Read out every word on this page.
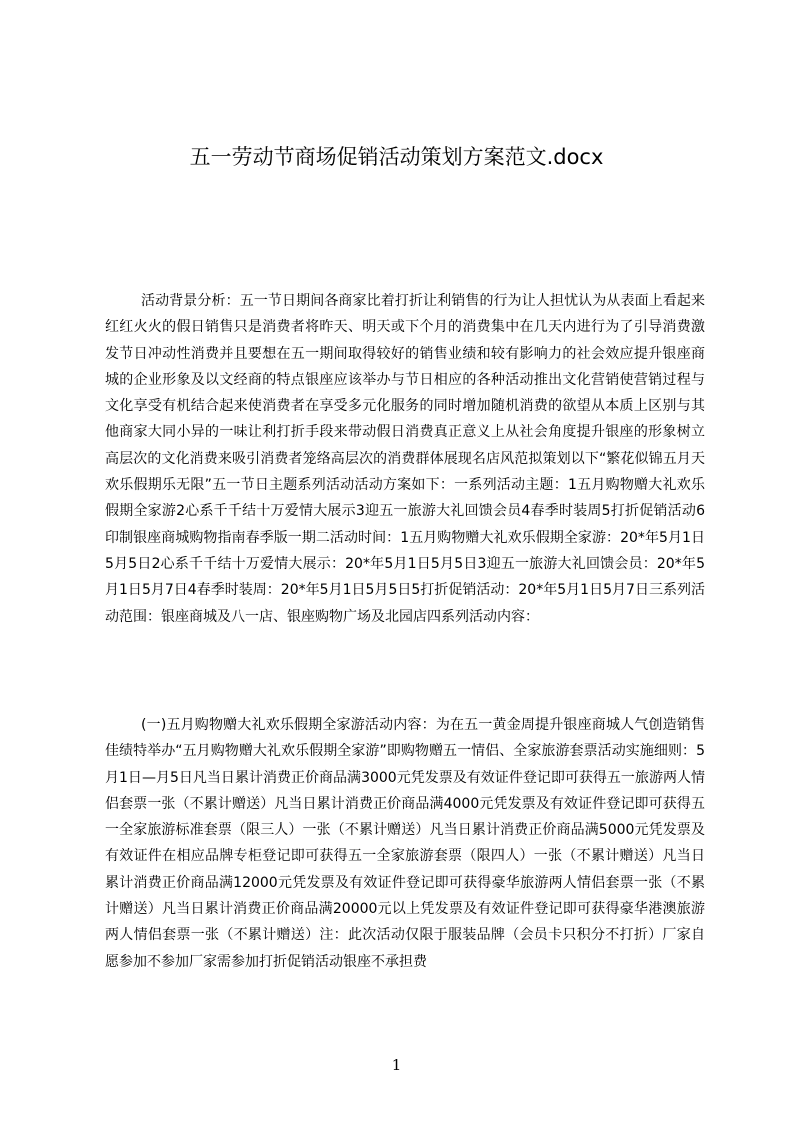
五一劳动节商场促销活动策划方案范文.docx

活动背景分析：五一节日期间各商家比着打折让利销售的行为让人担忧认为从表面上看起来红红火火的假日销售只是消费者将昨天、明天或下个月的消费集中在几天内进行为了引导消费激发节日冲动性消费并且要想在五一期间取得较好的销售业绩和较有影响力的社会效应提升银座商城的企业形象及以文经商的特点银座应该举办与节日相应的各种活动推出文化营销使营销过程与文化享受有机结合起来使消费者在享受多元化服务的同时增加随机消费的欲望从本质上区别与其他商家大同小异的一味让利打折手段来带动假日消费真正意义上从社会角度提升银座的形象树立高层次的文化消费来吸引消费者笼络高层次的消费群体展现名店风范拟策划以下“繁花似锦五月天欢乐假期乐无限”五一节日主题系列活动活动方案如下：一系列活动主题：1五月购物赠大礼欢乐假期全家游2心系千千结十万爱情大展示3迎五一旅游大礼回馈会员4春季时装周5打折促销活动6印制银座商城购物指南春季版一期二活动时间：1五月购物赠大礼欢乐假期全家游：20*年5月1日5月5日2心系千千结十万爱情大展示：20*年5月1日5月5日3迎五一旅游大礼回馈会员：20*年5月1日5月7日4春季时装周：20*年5月1日5月5日5打折促销活动：20*年5月1日5月7日三系列活动范围：银座商城及八一店、银座购物广场及北园店四系列活动内容：

(一)五月购物赠大礼欢乐假期全家游活动内容：为在五一黄金周提升银座商城人气创造销售佳绩特举办“五月购物赠大礼欢乐假期全家游”即购物赠五一情侣、全家旅游套票活动实施细则：5月1日—月5日凡当日累计消费正价商品满3000元凭发票及有效证件登记即可获得五一旅游两人情侣套票一张（不累计赠送）凡当日累计消费正价商品满4000元凭发票及有效证件登记即可获得五一全家旅游标准套票（限三人）一张（不累计赠送）凡当日累计消费正价商品满5000元凭发票及有效证件在相应品牌专柜登记即可获得五一全家旅游套票（限四人）一张（不累计赠送）凡当日累计消费正价商品满12000元凭发票及有效证件登记即可获得豪华旅游两人情侣套票一张（不累计赠送）凡当日累计消费正价商品满20000元以上凭发票及有效证件登记即可获得豪华港澳旅游两人情侣套票一张（不累计赠送）注：此次活动仅限于服装品牌（会员卡只积分不打折）厂家自愿参加不参加厂家需参加打折促销活动银座不承担费

1
